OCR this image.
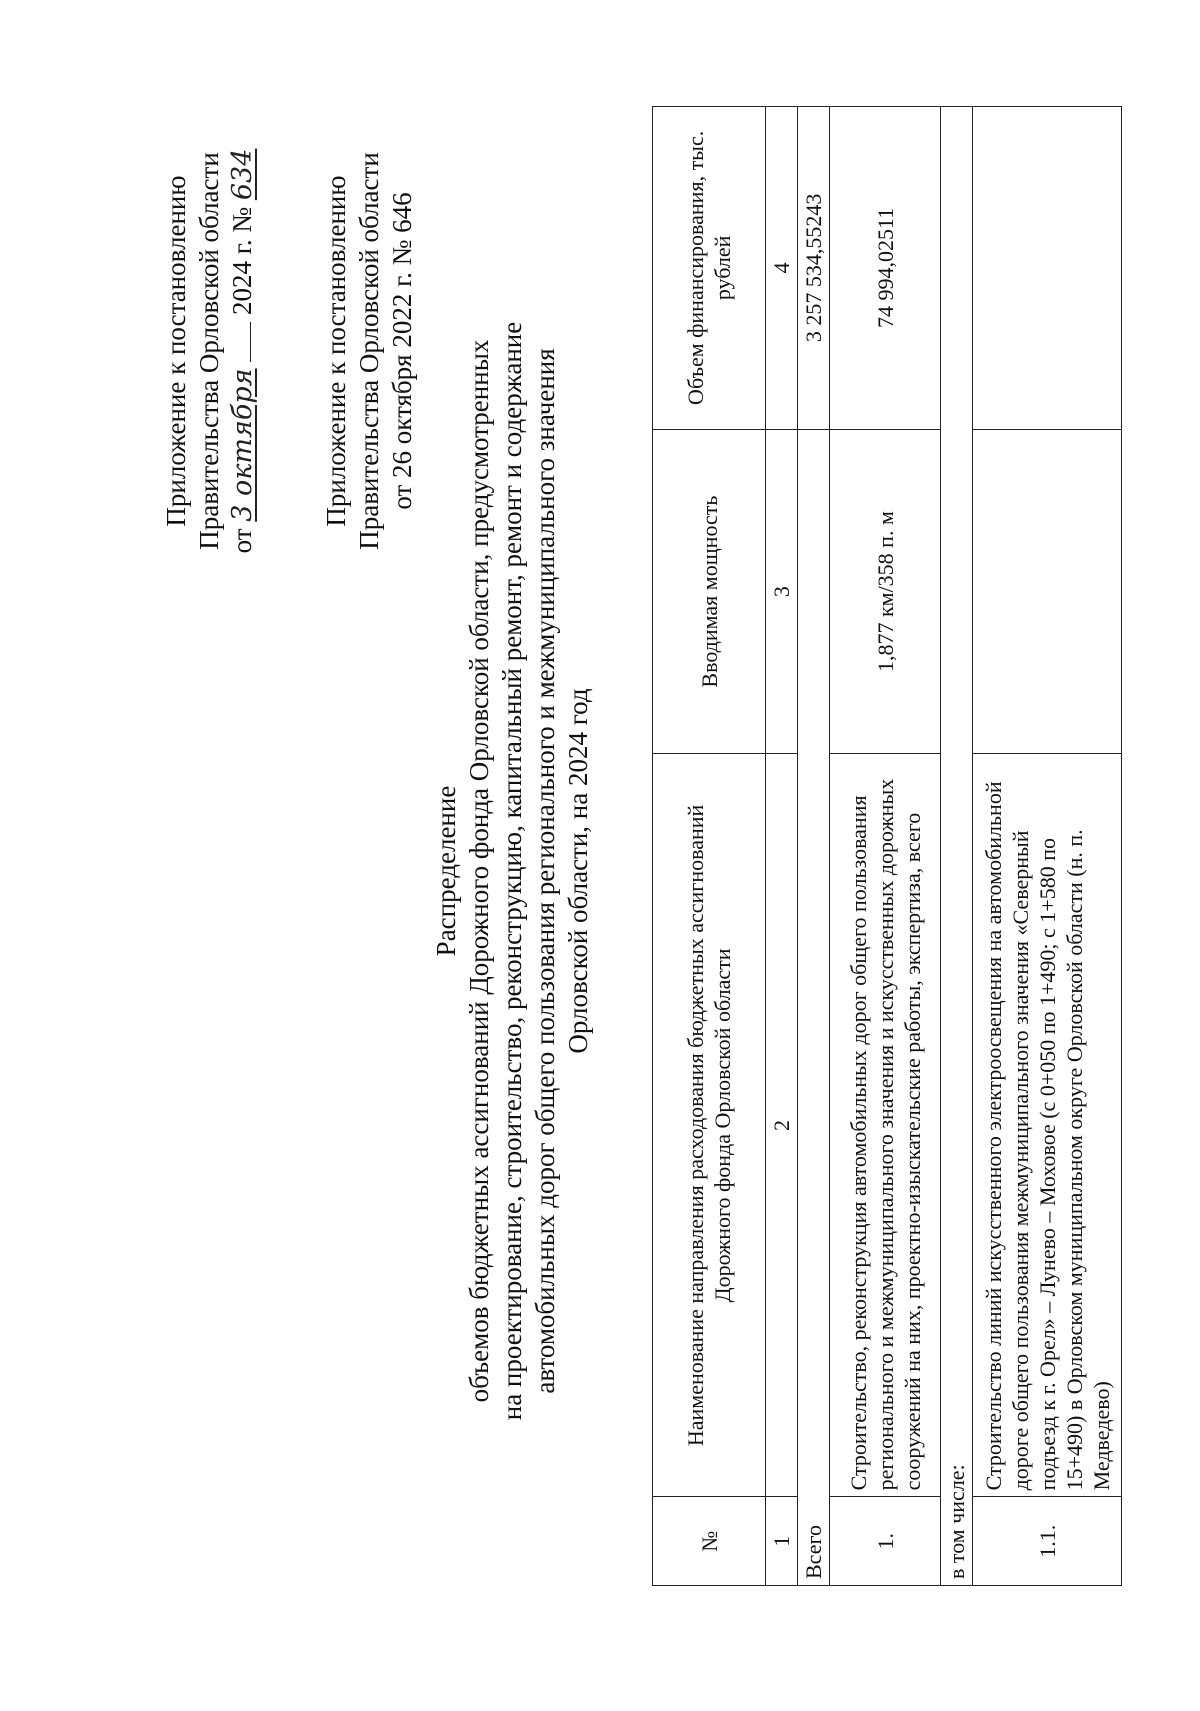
Приложение к постановлению Правительства Орловской области от 3 октября  2024 г. № 634
Приложение к постановлению Правительства Орловской области от 26 октября 2022 г. № 646
Распределение объемов бюджетных ассигнований Дорожного фонда Орловской области, предусмотренных на проектирование, строительство, реконструкцию, капитальный ремонт, ремонт и содержание автомобильных дорог общего пользования регионального и межмуниципального значения Орловской области, на 2024 год
№	Наименование направления расходования бюджетных ассигнований Дорожного фонда Орловской области	Вводимая мощность	Объем финансирования, тыс. рублей
1	2	3	4
Всего			3 257 534,55243
1.	Строительство, реконструкция автомобильных дорог общего пользования регионального и межмуниципального значения и искусственных дорожных сооружений на них, проектно-изыскательские работы, экспертиза, всего	1,877 км/358 п. м	74 994,02511
в том числе:			
1.1.	Строительство линий искусственного электроосвещения на автомобильной дороге общего пользования межмуниципального значения «Северный подъезд к г. Орел» – Лунево – Моховое (с 0+050 по 1+490; с 1+580 по 15+490) в Орловском муниципальном округе Орловской области (н. п. Медведево)		
